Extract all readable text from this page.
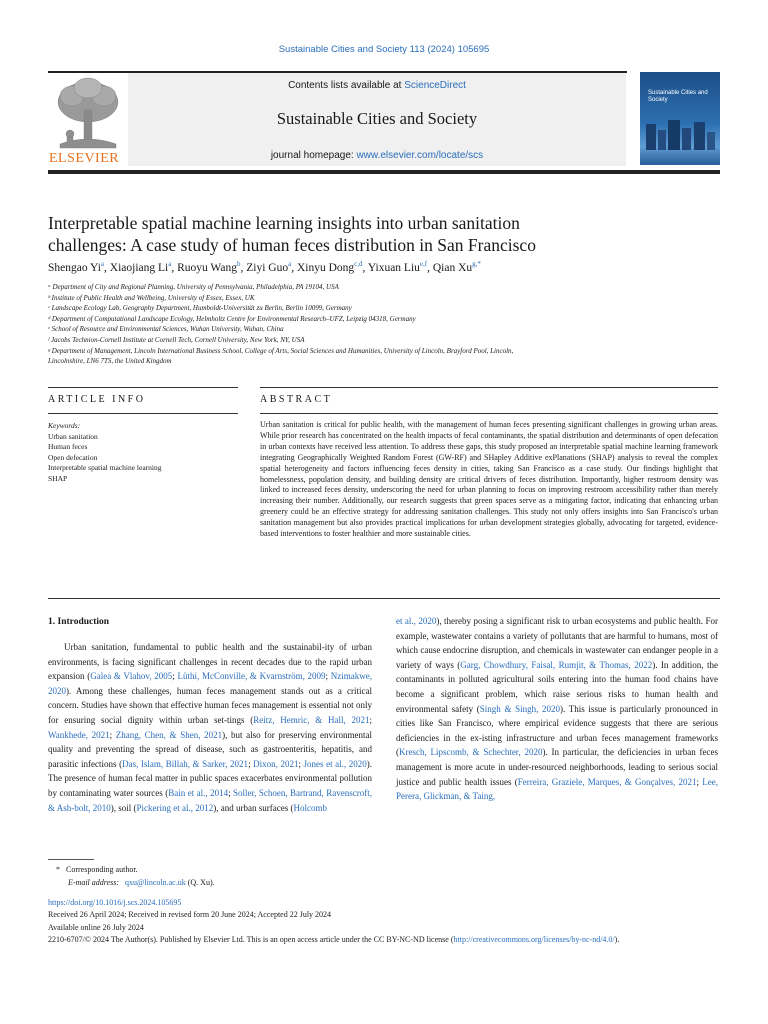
Sustainable Cities and Society 113 (2024) 105695
ELSEVIER
Contents lists available at ScienceDirect
Sustainable Cities and Society
journal homepage: www.elsevier.com/locate/scs
Sustainable Cities and Society
Interpretable spatial machine learning insights into urban sanitation
challenges: A case study of human feces distribution in San Francisco
Shengao Yi$^a$, Xiaojiang Li$^a$, Ruoyu Wang$^b$, Ziyi Guo$^a$, Xinyu Dong$^{c,d}$, Yixuan Liu$^{e,f}$, Qian $Xu^{g,*}$
ᵃ Department of City and Regional Planning, University of Pennsylvania, Philadelphia, PA 19104, USA
ᵇ Institute of Public Health and Wellbeing, University of Essex, Essex, UK
ᶜ Landscape Ecology Lab, Geography Department, Humboldt-Universität zu Berlin, Berlin 10099, Germany
ᵈ Department of Computational Landscape Ecology, Helmholtz Centre for Environmental Research–UFZ, Leipzig 04318, Germany
ᵉ School of Resource and Environmental Sciences, Wuhan University, Wuhan, China
ᶠ Jacobs Technion-Cornell Institute at Cornell Tech, Cornell University, New York, NY, USA
ᵍ Department of Management, Lincoln International Business School, College of Arts, Social Sciences and Humanities, University of Lincoln, Brayford Pool, Lincoln,
Lincolnshire, LN6 7TS, the United Kingdom
ARTICLE INFO	ABSTRACT
Keywords:
Urban sanitation
Human feces
Open defecation
Interpretable spatial machine learning
SHAP
Urban sanitation is critical for public health, with the management of human feces presenting significant challenges in growing urban areas. While prior research has concentrated on the health impacts of fecal contaminants, the spatial distribution and determinants of open defecation in urban contexts have received less attention. To address these gaps, this study proposed an interpretable spatial machine learning framework integrating Geographically Weighted Random Forest (GW-RF) and SHapley Additive exPlanations (SHAP) analysis to reveal the complex spatial heterogeneity and factors influencing feces density in cities, taking San Francisco as a case study. Our findings highlight that homelessness, population density, and building density are critical drivers of feces distribution. Importantly, higher restroom density was linked to increased feces density, underscoring the need for urban planning to focus on improving restroom accessibility rather than merely increasing their number. Additionally, our research suggests that green spaces serve as a mitigating factor, indicating that enhancing urban greenery could be an effective strategy for addressing sanitation challenges. This study not only offers insights into San Francisco's urban sanitation management but also provides practical implications for urban development strategies globally, advocating for targeted, evidence-based interventions to foster healthier and more sustainable cities.
1. Introduction
Urban sanitation, fundamental to public health and the sustainabil-ity of urban environments, is facing significant challenges in recent decades due to the rapid urban expansion (Galea & Vlahov, 2005; Lüthi, McConville, & Kvarnström, 2009; Nzimakwe, 2020). Among these challenges, human feces management stands out as a critical concern. Studies have shown that effective human feces management is essential not only for ensuring social dignity within urban set-tings (Reitz, Hemric, & Hall, 2021; Wankhede, 2021; Zhang, Chen, & Shen, 2021), but also for preserving environmental quality and preventing the spread of disease, such as gastroenteritis, hepatitis, and parasitic infections (Das, Islam, Billah, & Sarker, 2021; Dixon, 2021; Jones et al., 2020). The presence of human fecal matter in public spaces exacerbates environmental pollution by contaminating water sources (Bain et al., 2014; Soller, Schoen, Bartrand, Ravenscroft, & Ash-bolt, 2010), soil (Pickering et al., 2012), and urban surfaces (Holcomb
et al., 2020), thereby posing a significant risk to urban ecosystems and public health. For example, wastewater contains a variety of pollutants that are harmful to humans, most of which cause endocrine disruption, and chemicals in wastewater can endanger people in a variety of ways (Garg, Chowdhury, Faisal, Rumjit, & Thomas, 2022). In addition, the contaminants in polluted agricultural soils entering into the human food chains have become a significant problem, which raise serious risks to human health and environmental safety (Singh & Singh, 2020). This issue is particularly pronounced in cities like San Francisco, where empirical evidence suggests that there are serious deficiencies in the ex-isting infrastructure and urban feces management frameworks (Kresch, Lipscomb, & Schechter, 2020). In particular, the deficiencies in urban feces management is more acute in under-resourced neighborhoods, leading to serious social justice and public health issues (Ferreira, Graziele, Marques, & Gonçalves, 2021; Lee, Perera, Glickman, & Taing,
* Corresponding author.
E-mail address: qxu@lincoln.ac.uk (Q. Xu).
https://doi.org/10.1016/j.scs.2024.105695
Received 26 April 2024; Received in revised form 20 June 2024; Accepted 22 July 2024
Available online 26 July 2024
2210-6707/© 2024 The Author(s). Published by Elsevier Ltd. This is an open access article under the CC BY-NC-ND license (http://creativecommons.org/licenses/by-nc-nd/4.0/).
